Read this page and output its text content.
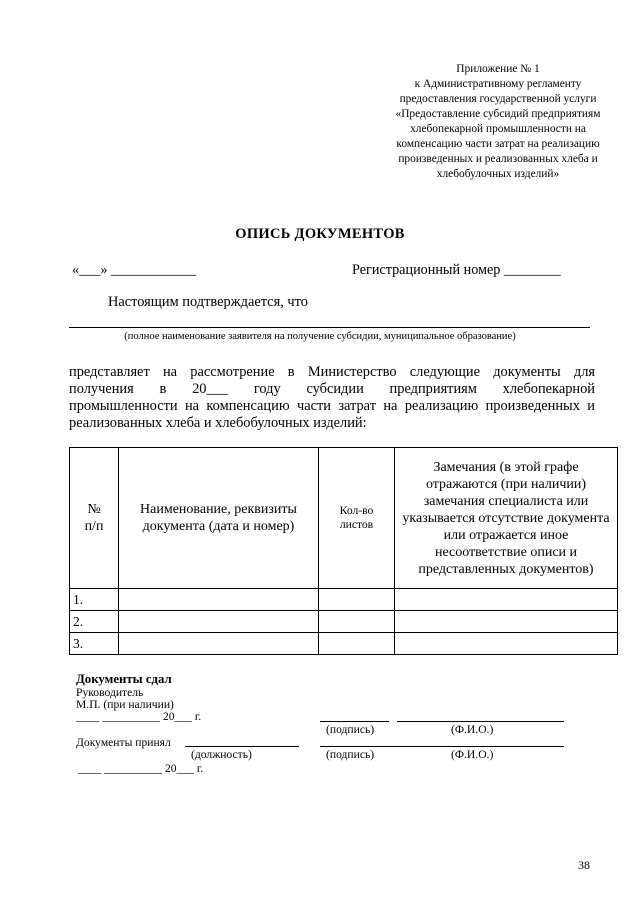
Приложение № 1
к Административному регламенту
предоставления государственной услуги
«Предоставление субсидий предприятиям
хлебопекарной промышленности на
компенсацию части затрат на реализацию
произведенных и реализованных хлеба и
хлебобулочных изделий»
ОПИСЬ ДОКУМЕНТОВ
«___» ____________	Регистрационный номер ________
Настоящим подтверждается, что
(полное наименование заявителя на получение субсидии, муниципальное образование)
представляет на рассмотрение в Министерство следующие документы для
получения в 20___ году субсидии предприятиям хлебопекарной
промышленности на компенсацию части затрат на реализацию произведенных и
реализованных хлеба и хлебобулочных изделий:
№ п/п	Наименование, реквизиты документа (дата и номер)	Кол-во листов	Замечания (в этой графе отражаются (при наличии) замечания специалиста или указывается отсутствие документа или отражается иное несоответствие описи и представленных документов)
1.			
2.			
3.			
Документы сдал
Руководитель
М.П. (при наличии)
____ __________ 20___ г.
(подпись)	(Ф.И.О.)
Документы принял
(должность)	(подпись)	(Ф.И.О.)
____ __________ 20___ г.
38
